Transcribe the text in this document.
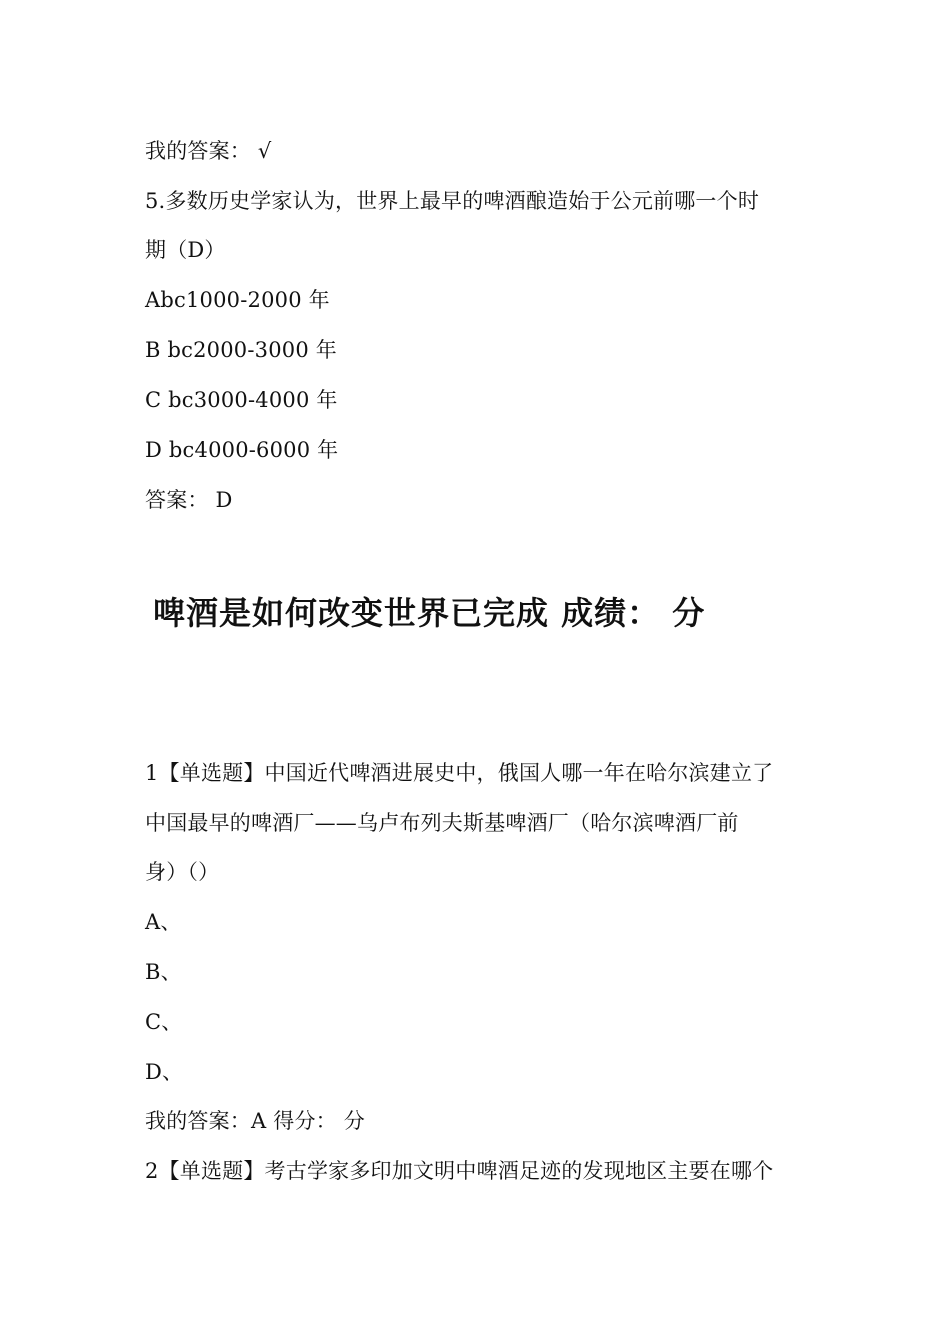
我的答案： √
5.多数历史学家认为，世界上最早的啤酒酿造始于公元前哪一个时
期（D）
Abc1000-2000 年
B bc2000-3000 年
C bc3000-4000 年
D bc4000-6000 年
答案： D
啤酒是如何改变世界已完成 成绩： 分
1【单选题】中国近代啤酒进展史中，俄国人哪一年在哈尔滨建立了
中国最早的啤酒厂——乌卢布列夫斯基啤酒厂（哈尔滨啤酒厂前
身）（）
A、
B、
C、
D、
我的答案：A 得分： 分
2【单选题】考古学家多印加文明中啤酒足迹的发现地区主要在哪个
